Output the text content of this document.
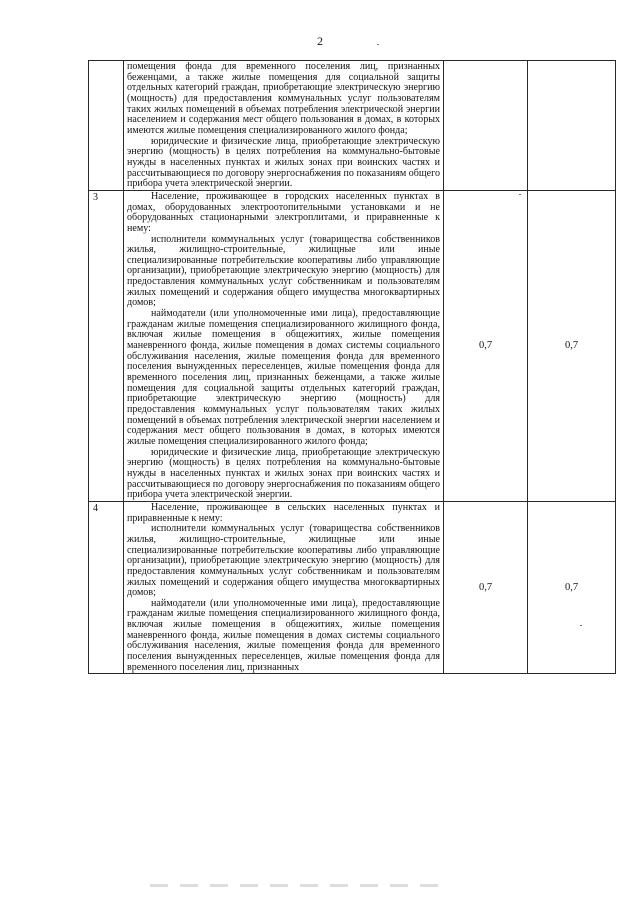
2

	помещения фонда для временного поселения лиц, признанных беженцами, а также жилые помещения для социальной защиты отдельных категорий граждан, приобретающие электрическую энергию (мощность) для предоставления коммунальных услуг пользователям таких жилых помещений в объемах потребления электрической энергии населением и содержания мест общего пользования в домах, в которых имеются жилые помещения специализированного жилого фонда;

юридические и физические лица, приобретающие электрическую энергию (мощность) в целях потребления на коммунально-бытовые нужды в населенных пунктах и жилых зонах при воинских частях и рассчитывающиеся по договору энергоснабжения по показаниям общего прибора учета электрической энергии.		

3	Население, проживающее в городских населенных пунктах в домах, оборудованных электроотопительными установками и не оборудованных стационарными электроплитами, и приравненные к нему:

исполнители коммунальных услуг (товарищества собственников жилья, жилищно-строительные, жилищные или иные специализированные потребительские кооперативы либо управляющие организации), приобретающие электрическую энергию (мощность) для предоставления коммунальных услуг собственникам и пользователям жилых помещений и содержания общего имущества многоквартирных домов;

наймодатели (или уполномоченные ими лица), предоставляющие гражданам жилые помещения специализированного жилищного фонда, включая жилые помещения в общежитиях, жилые помещения маневренного фонда, жилые помещения в домах системы социального обслуживания населения, жилые помещения фонда для временного поселения вынужденных переселенцев, жилые помещения фонда для временного поселения лиц, признанных беженцами, а также жилые помещения для социальной защиты отдельных категорий граждан, приобретающие электрическую энергию (мощность) для предоставления коммунальных услуг пользователям таких жилых помещений в объемах потребления электрической энергии населением и содержания мест общего пользования в домах, в которых имеются жилые помещения специализированного жилого фонда;

юридические и физические лица, приобретающие электрическую энергию (мощность) в целях потребления на коммунально-бытовые нужды в населенных пунктах и жилых зонах при воинских частях и рассчитывающиеся по договору энергоснабжения по показаниям общего прибора учета электрической энергии.	0,7	0,7
4	Население, проживающее в сельских населенных пунктах и приравненные к нему:

исполнители коммунальных услуг (товарищества собственников жилья, жилищно-строительные, жилищные или иные специализированные потребительские кооперативы либо управляющие организации), приобретающие электрическую энергию (мощность) для предоставления коммунальных услуг собственникам и пользователям жилых помещений и содержания общего имущества многоквартирных домов;

наймодатели (или уполномоченные ими лица), предоставляющие гражданам жилые помещения специализированного жилищного фонда, включая жилые помещения в общежитиях, жилые помещения маневренного фонда, жилые помещения в домах системы социального обслуживания населения, жилые помещения фонда для временного поселения вынужденных переселенцев, жилые помещения фонда для временного поселения лиц, признанных	0,7	0,7
